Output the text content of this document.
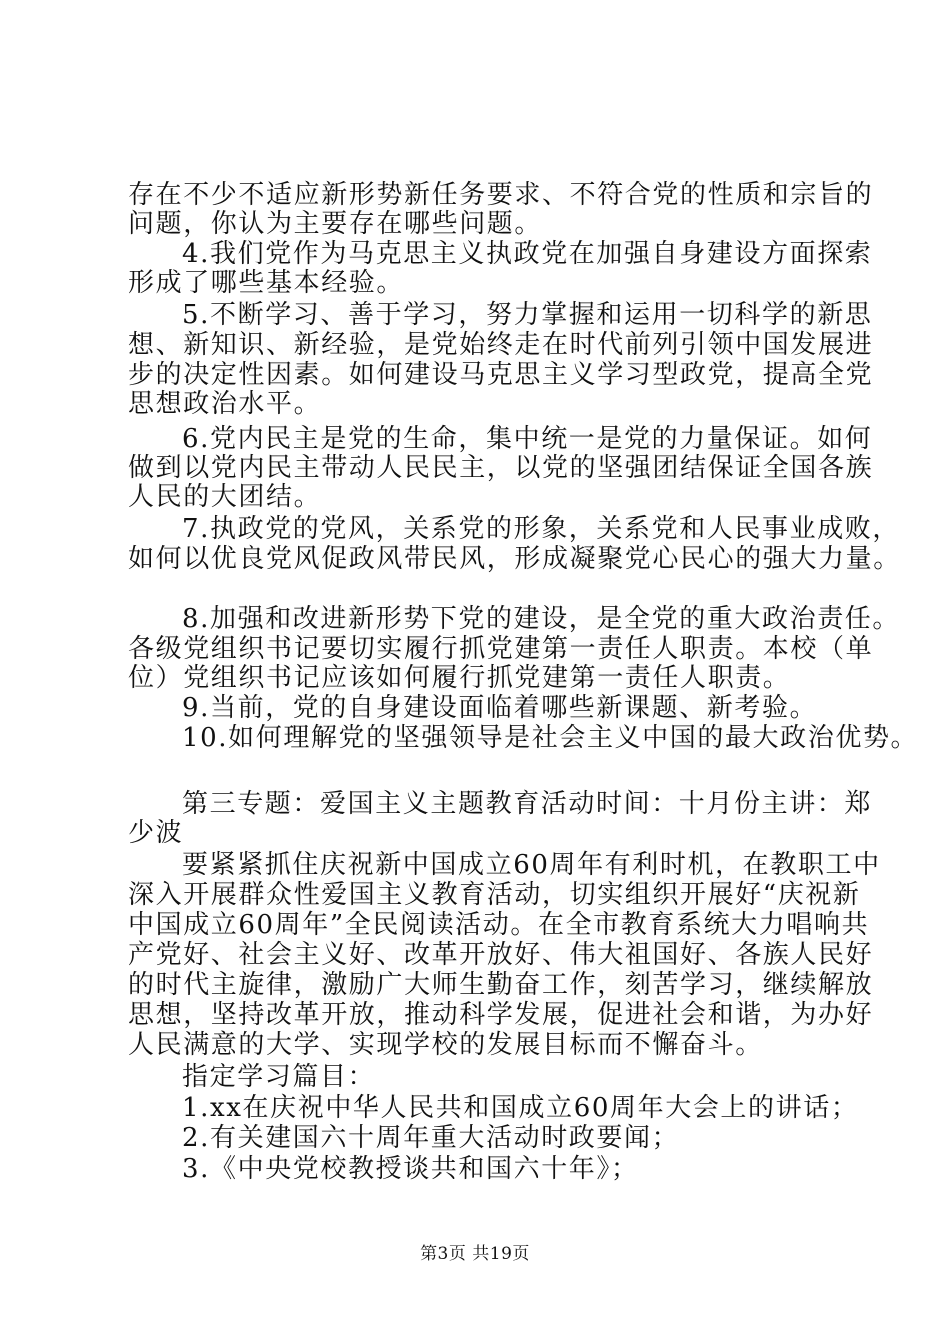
存在不少不适应新形势新任务要求、不符合党的性质和宗旨的
问题，你认为主要存在哪些问题。
4.我们党作为马克思主义执政党在加强自身建设方面探索
形成了哪些基本经验。
5.不断学习、善于学习，努力掌握和运用一切科学的新思
想、新知识、新经验，是党始终走在时代前列引领中国发展进
步的决定性因素。如何建设马克思主义学习型政党，提高全党
思想政治水平。
6.党内民主是党的生命，集中统一是党的力量保证。如何
做到以党内民主带动人民民主，以党的坚强团结保证全国各族
人民的大团结。
7.执政党的党风，关系党的形象，关系党和人民事业成败，
如何以优良党风促政风带民风，形成凝聚党心民心的强大力量。
8.加强和改进新形势下党的建设，是全党的重大政治责任。
各级党组织书记要切实履行抓党建第一责任人职责。本校（单
位）党组织书记应该如何履行抓党建第一责任人职责。
9.当前，党的自身建设面临着哪些新课题、新考验。
10.如何理解党的坚强领导是社会主义中国的最大政治优势。
第三专题：爱国主义主题教育活动时间：十月份主讲：郑
少波
要紧紧抓住庆祝新中国成立60周年有利时机，在教职工中
深入开展群众性爱国主义教育活动，切实组织开展好“庆祝新
中国成立60周年”全民阅读活动。在全市教育系统大力唱响共
产党好、社会主义好、改革开放好、伟大祖国好、各族人民好
的时代主旋律，激励广大师生勤奋工作，刻苦学习，继续解放
思想，坚持改革开放，推动科学发展，促进社会和谐，为办好
人民满意的大学、实现学校的发展目标而不懈奋斗。
指定学习篇目：
1.xx在庆祝中华人民共和国成立60周年大会上的讲话；
2.有关建国六十周年重大活动时政要闻；
3.《中央党校教授谈共和国六十年》；
第3页 共19页
